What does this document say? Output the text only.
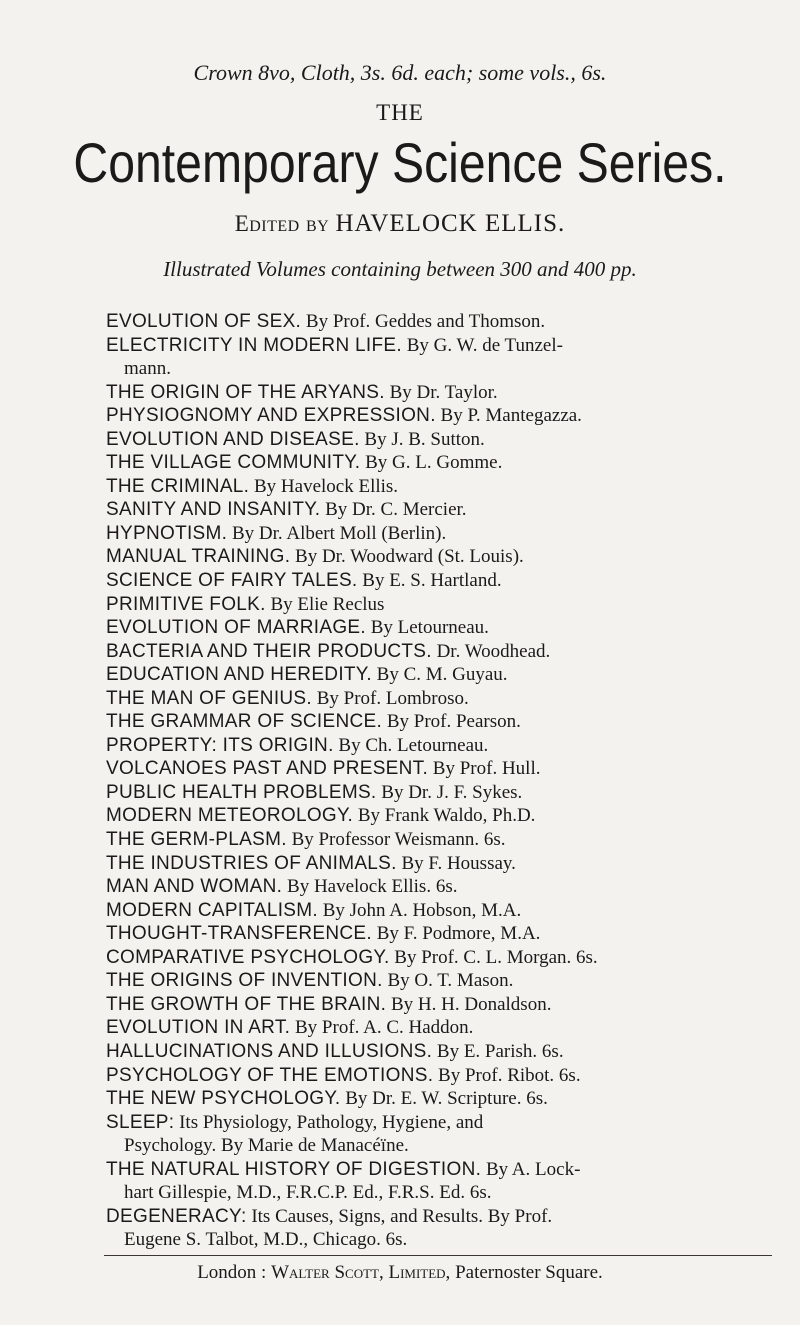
Crown 8vo, Cloth, 3s. 6d. each; some vols., 6s.
THE
Contemporary Science Series.
Edited by HAVELOCK ELLIS.
Illustrated Volumes containing between 300 and 400 pp.
EVOLUTION OF SEX. By Prof. Geddes and Thomson.
ELECTRICITY IN MODERN LIFE. By G. W. de Tunzel-
mann.
THE ORIGIN OF THE ARYANS. By Dr. Taylor.
PHYSIOGNOMY AND EXPRESSION. By P. Mantegazza.
EVOLUTION AND DISEASE. By J. B. Sutton.
THE VILLAGE COMMUNITY. By G. L. Gomme.
THE CRIMINAL. By Havelock Ellis.
SANITY AND INSANITY. By Dr. C. Mercier.
HYPNOTISM. By Dr. Albert Moll (Berlin).
MANUAL TRAINING. By Dr. Woodward (St. Louis).
SCIENCE OF FAIRY TALES. By E. S. Hartland.
PRIMITIVE FOLK. By Elie Reclus
EVOLUTION OF MARRIAGE. By Letourneau.
BACTERIA AND THEIR PRODUCTS. Dr. Woodhead.
EDUCATION AND HEREDITY. By C. M. Guyau.
THE MAN OF GENIUS. By Prof. Lombroso.
THE GRAMMAR OF SCIENCE. By Prof. Pearson.
PROPERTY: ITS ORIGIN. By Ch. Letourneau.
VOLCANOES PAST AND PRESENT. By Prof. Hull.
PUBLIC HEALTH PROBLEMS. By Dr. J. F. Sykes.
MODERN METEOROLOGY. By Frank Waldo, Ph.D.
THE GERM-PLASM. By Professor Weismann. 6s.
THE INDUSTRIES OF ANIMALS. By F. Houssay.
MAN AND WOMAN. By Havelock Ellis. 6s.
MODERN CAPITALISM. By John A. Hobson, M.A.
THOUGHT-TRANSFERENCE. By F. Podmore, M.A.
COMPARATIVE PSYCHOLOGY. By Prof. C. L. Morgan. 6s.
THE ORIGINS OF INVENTION. By O. T. Mason.
THE GROWTH OF THE BRAIN. By H. H. Donaldson.
EVOLUTION IN ART. By Prof. A. C. Haddon.
HALLUCINATIONS AND ILLUSIONS. By E. Parish. 6s.
PSYCHOLOGY OF THE EMOTIONS. By Prof. Ribot. 6s.
THE NEW PSYCHOLOGY. By Dr. E. W. Scripture. 6s.
SLEEP: Its Physiology, Pathology, Hygiene, and
Psychology. By Marie de Manacéïne.
THE NATURAL HISTORY OF DIGESTION. By A. Lock-
hart Gillespie, M.D., F.R.C.P. Ed., F.R.S. Ed. 6s.
DEGENERACY: Its Causes, Signs, and Results. By Prof.
Eugene S. Talbot, M.D., Chicago. 6s.
London : Walter Scott, Limited, Paternoster Square.
